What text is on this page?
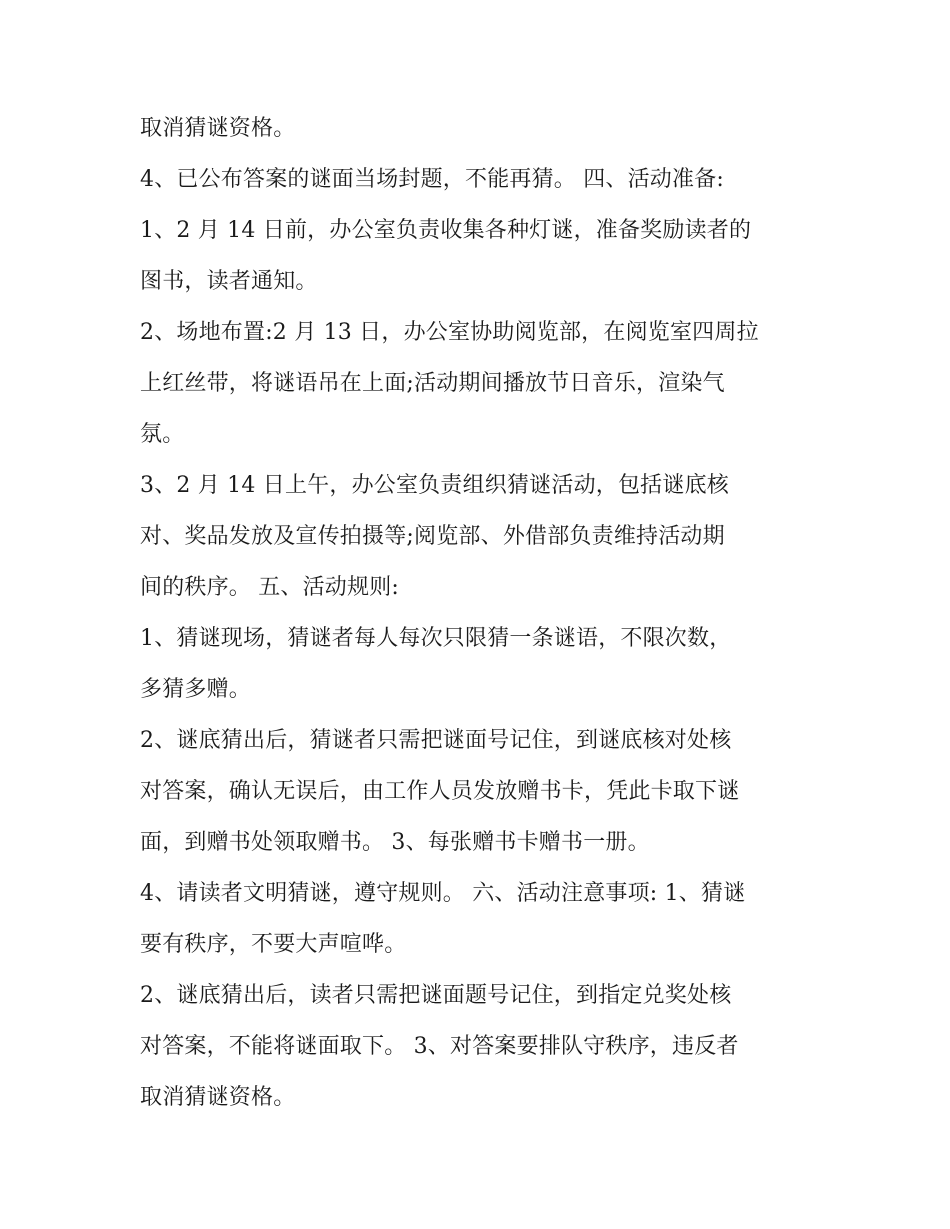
取消猜谜资格。
4、已公布答案的谜面当场封题，不能再猜。 四、活动准备:
1、2 月 14 日前，办公室负责收集各种灯谜，准备奖励读者的
图书，读者通知。
2、场地布置:2 月 13 日，办公室协助阅览部，在阅览室四周拉
上红丝带，将谜语吊在上面;活动期间播放节日音乐，渲染气
氛。
3、2 月 14 日上午，办公室负责组织猜谜活动，包括谜底核
对、奖品发放及宣传拍摄等;阅览部、外借部负责维持活动期
间的秩序。 五、活动规则:
1、猜谜现场，猜谜者每人每次只限猜一条谜语，不限次数，
多猜多赠。
2、谜底猜出后，猜谜者只需把谜面号记住，到谜底核对处核
对答案，确认无误后，由工作人员发放赠书卡，凭此卡取下谜
面，到赠书处领取赠书。 3、每张赠书卡赠书一册。
4、请读者文明猜谜，遵守规则。 六、活动注意事项: 1、猜谜
要有秩序，不要大声喧哗。
2、谜底猜出后，读者只需把谜面题号记住，到指定兑奖处核
对答案，不能将谜面取下。 3、对答案要排队守秩序，违反者
取消猜谜资格。
